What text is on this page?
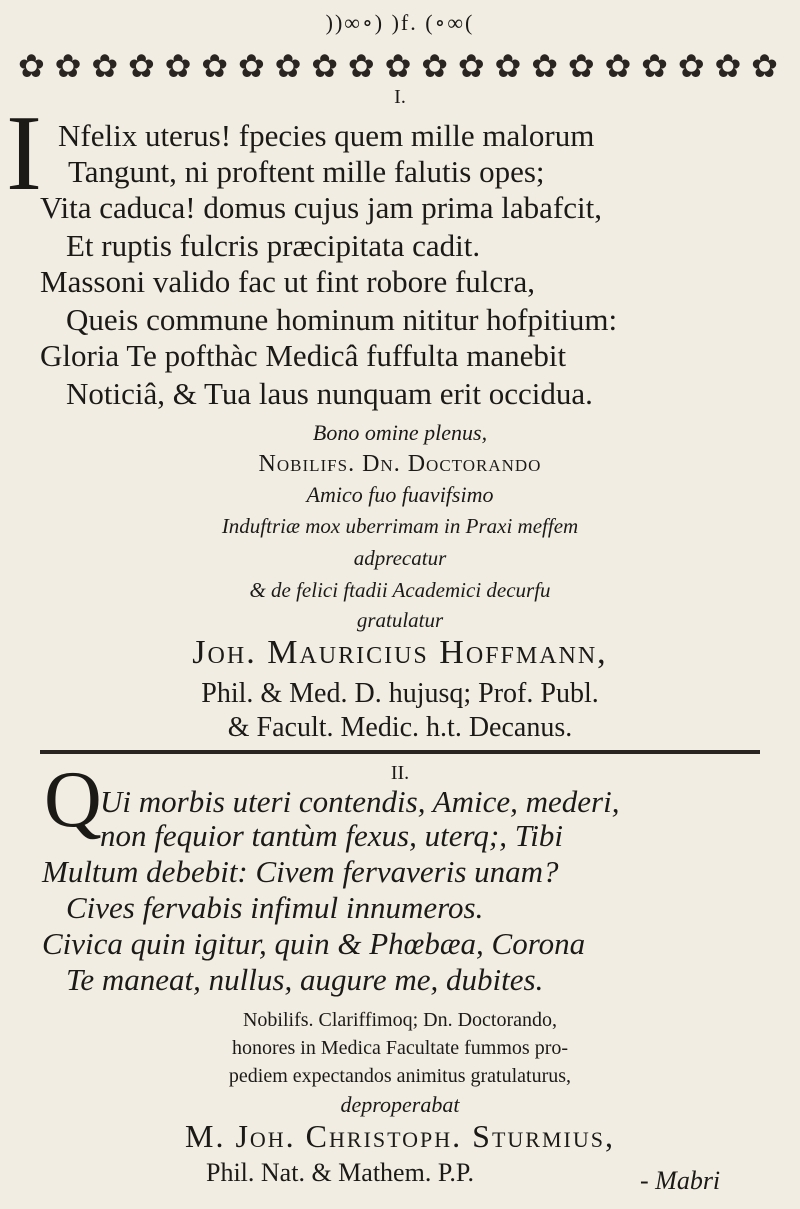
))∞∘) )f. (∘∞(
✿ ✿ ✿ ✿ ✿ ✿ ✿ ✿ ✿ ✿ ✿ ✿ ✿ ✿ ✿ ✿ ✿ ✿ ✿ ✿ ✿
I.
I Nfelix uterus! fpecies quem mille malorum
Tangunt, ni proftent mille falutis opes;
Vita caduca! domus cujus jam prima labafcit,
Et ruptis fulcris præcipitata cadit.
Massoni valido fac ut fint robore fulcra,
Queis commune hominum nititur hofpitium:
Gloria Te pofthàc Medicâ fuffulta manebit
Noticiâ, & Tua laus nunquam erit occidua.
Bono omine plenus,
Nobilifs. Dn. Doctorando
Amico fuo fuavifsimo
Induftriæ mox uberrimam in Praxi meffem
adprecatur
& de felici ftadii Academici decurfu
gratulatur
Joh. Mauricius Hoffmann,
Phil. & Med. D. hujusq; Prof. Publ.
& Facult. Medic. h.t. Decanus.
II.
Q
Ui morbis uteri contendis, Amice, mederi,
non fequior tantùm fexus, uterq;, Tibi
Multum debebit: Civem fervaveris unam?
Cives fervabis infimul innumeros.
Civica quin igitur, quin & Phœbæa, Corona
Te maneat, nullus, augure me, dubites.
Nobilifs. Clariffimoq; Dn. Doctorando,
honores in Medica Facultate fummos pro-
pediem expectandos animitus gratulaturus,
deproperabat
M. Joh. Christoph. Sturmius,
Phil. Nat. & Mathem. P.P.	- Mabri
